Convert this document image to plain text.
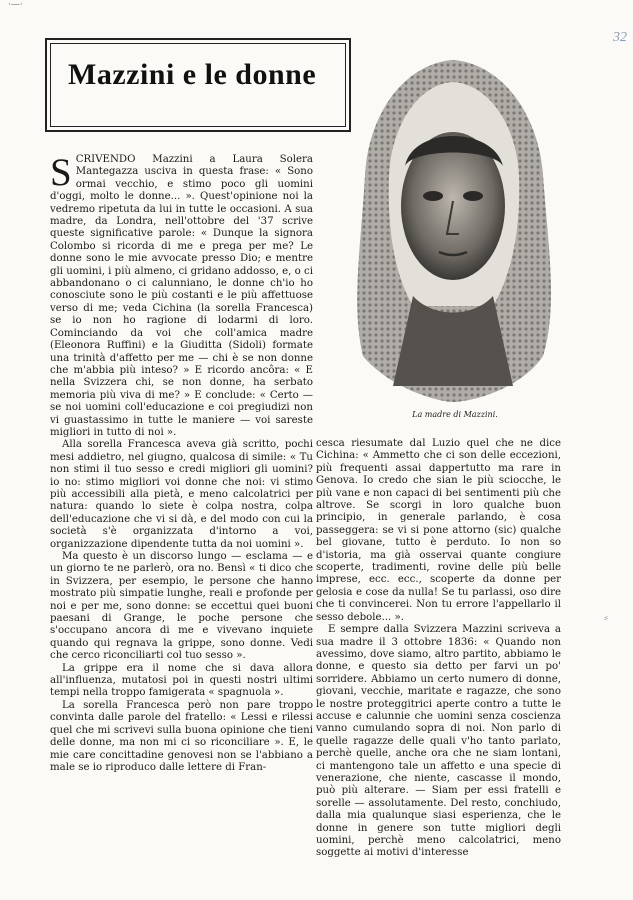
·—·
32
Mazzini e le donne
La madre di Mazzini.

SCRIVENDO Mazzini a Laura Solera Mantegazza usciva in questa frase: « Sono ormai vecchio, e stimo poco gli uomini d'oggi, molto le donne... ». Quest'opinione noi la vedremo ripetuta da lui in tutte le occasioni. A sua madre, da Londra, nell'ottobre del '37 scrive queste significative parole: « Dunque la signora Colombo si ricorda di me e prega per me? Le donne sono le mie avvocate presso Dio; e mentre gli uomini, i più almeno, ci gridano addosso, e, o ci abbandonano o ci calunniano, le donne ch'io ho conosciute sono le più costanti e le più affettuose verso di me; veda Cichina (la sorella Francesca) se io non ho ragione di lodarmi di loro. Cominciando da voi che coll'amica madre (Eleonora Ruffini) e la Giuditta (Sidoli) formate una trinità d'affetto per me — chi è se non donne che m'abbia più inteso? » E ricordo ancôra: « E nella Svizzera chi, se non donne, ha serbato memoria più viva di me? » E conclude: « Certo — se noi uomini coll'educazione e coi pregiudizi non vi guastassimo in tutte le maniere — voi sareste migliori in tutto di noi ».

Alla sorella Francesca aveva già scritto, pochi mesi addietro, nel giugno, qualcosa di simile: « Tu non stimi il tuo sesso e credi migliori gli uomini? io no: stimo migliori voi donne che noi: vi stimo più accessibili alla pietà, e meno calcolatrici per natura: quando lo siete è colpa nostra, colpa dell'educazione che vi si dà, e del modo con cui la società s'è organizzata d'intorno a voi, organizzazione dipendente tutta da noi uomini ».

Ma questo è un discorso lungo — esclama — e un giorno te ne parlerò, ora no. Bensì « ti dico che in Svizzera, per esempio, le persone che hanno mostrato più simpatie lunghe, reali e profonde per noi e per me, sono donne: se eccettui quei buoni paesani di Grange, le poche persone che s'occupano ancora di me e vivevano inquiete quando qui regnava la grippe, sono donne. Vedi che cerco riconciliarti col tuo sesso ».

La grippe era il nome che si dava allora all'influenza, mutatosi poi in questi nostri ultimi tempi nella troppo famigerata « spagnuola ».

La sorella Francesca però non pare troppo convinta dalle parole del fratello: « Lessi e rilessi quel che mi scrivevi sulla buona opinione che tieni delle donne, ma non mi ci so riconciliare ». E, le mie care concittadine genovesi non se l'abbiano a male se io riproduco dalle lettere di Fran-

cesca riesumate dal Luzio quel che ne dice Cichina: « Ammetto che ci son delle eccezioni, più frequenti assai dappertutto ma rare in Genova. Io credo che sian le più sciocche, le più vane e non capaci di bei sentimenti più che altrove. Se scorgi in loro qualche buon principio, in generale parlando, è cosa passeggera: se vi si pone attorno (sic) qualche bel giovane, tutto è perduto. Io non so d'istoria, ma già osservai quante congiure scoperte, tradimenti, rovine delle più belle imprese, ecc. ecc., scoperte da donne per gelosia e cose da nulla! Se tu parlassi, oso dire che ti convincerei. Non tu errore l'appellarlo il sesso debole... ».

E sempre dalla Svizzera Mazzini scriveva a sua madre il 3 ottobre 1836: « Quando non avessimo, dove siamo, altro partito, abbiamo le donne, e questo sia detto per farvi un po' sorridere. Abbiamo un certo numero di donne, giovani, vecchie, maritate e ragazze, che sono le nostre proteggitrici aperte contro a tutte le accuse e calunnie che uomini senza coscienza vanno cumulando sopra di noi. Non parlo di quelle ragazze delle quali v'ho tanto parlato, perchè quelle, anche ora che ne siam lontani, ci mantengono tale un affetto e una specie di venerazione, che niente, cascasse il mondo, può più alterare. — Siam per essi fratelli e sorelle — assolutamente. Del resto, conchiudo, dalla mia qualunque siasi esperienza, che le donne in genere son tutte migliori degli uomini, perchè meno calcolatrici, meno soggette ai motivi d'interesse

⸗
